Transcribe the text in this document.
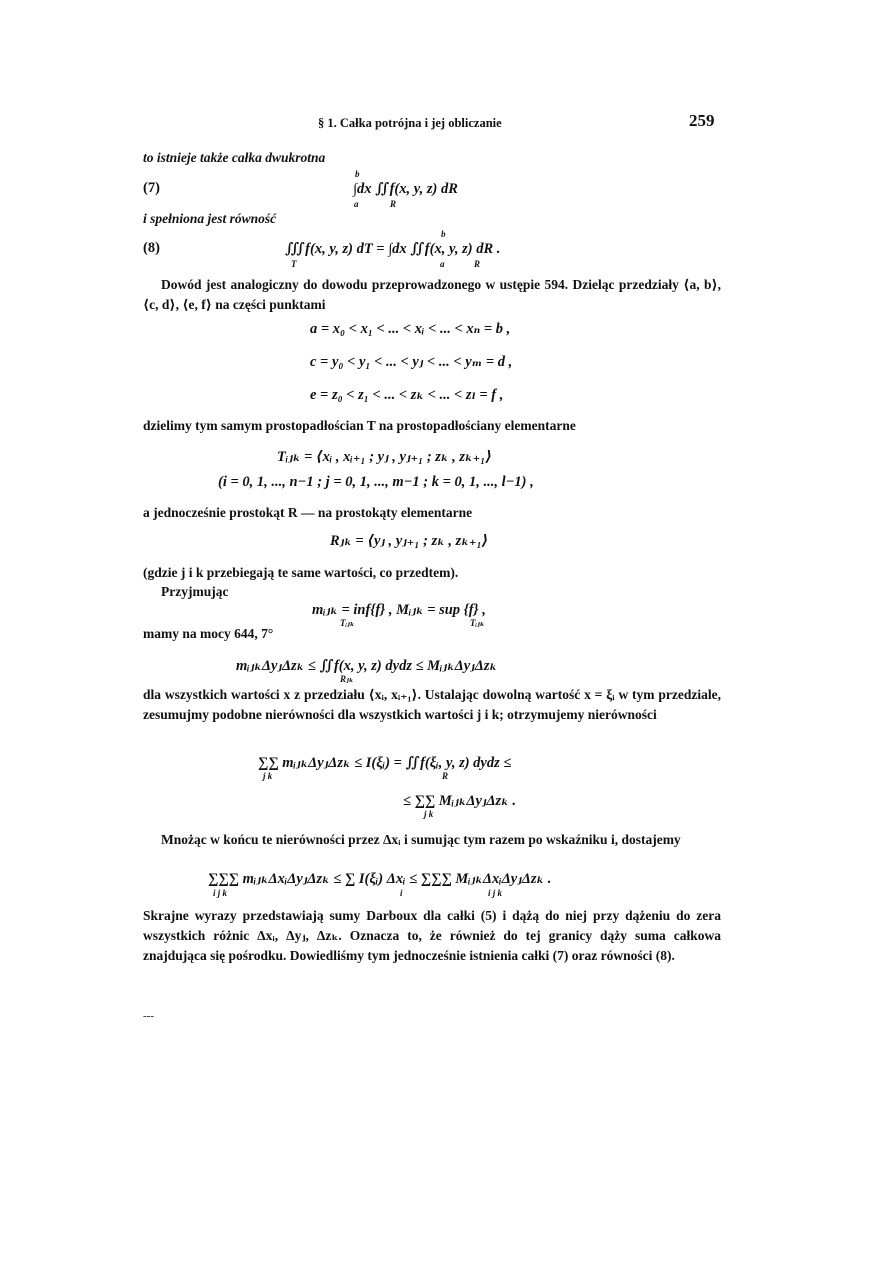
§ 1. Całka potrójna i jej obliczanie	259
to istnieje także całka dwukrotna
(7)
b
∫dx ∬f(x, y, z) dR
a	R
i spełniona jest równość
(8)
b
∭f(x, y, z) dT = ∫dx ∬f(x, y, z) dR .
T	a	R
Dowód jest analogiczny do dowodu przeprowadzonego w ustępie 594. Dzieląc przedziały ⟨a, b⟩, ⟨c, d⟩, ⟨e, f⟩ na części punktami
a = x₀ < x₁ < ... < xᵢ < ... < xₙ = b ,
c = y₀ < y₁ < ... < yⱼ < ... < yₘ = d ,
e = z₀ < z₁ < ... < zₖ < ... < zₗ = f ,
dzielimy tym samym prostopadłościan T na prostopadłościany elementarne
Tᵢⱼₖ = ⟨xᵢ , xᵢ₊₁ ; yⱼ , yⱼ₊₁ ; zₖ , zₖ₊₁⟩
(i = 0, 1, ..., n−1 ; j = 0, 1, ..., m−1 ; k = 0, 1, ..., l−1) ,
a jednocześnie prostokąt R — na prostokąty elementarne
Rⱼₖ = ⟨yⱼ , yⱼ₊₁ ; zₖ , zₖ₊₁⟩
(gdzie j i k przebiegają te same wartości, co przedtem).
Przyjmując
mᵢⱼₖ = inf{f} , Mᵢⱼₖ = sup {f} ,
Tᵢⱼₖ	Tᵢⱼₖ
mamy na mocy 644, 7°
mᵢⱼₖΔyⱼΔzₖ ≤ ∬f(x, y, z) dydz ≤ MᵢⱼₖΔyⱼΔzₖ
Rⱼₖ
dla wszystkich wartości x z przedziału ⟨xᵢ, xᵢ₊₁⟩. Ustalając dowolną wartość x = ξᵢ w tym przedziale, zesumujmy podobne nierówności dla wszystkich wartości j i k; otrzymujemy nierówności
∑∑ mᵢⱼₖΔyⱼΔzₖ ≤ I(ξᵢ) = ∬f(ξᵢ, y, z) dydz ≤
j k	R
≤ ∑∑ MᵢⱼₖΔyⱼΔzₖ .
j k
Mnożąc w końcu te nierówności przez Δxᵢ i sumując tym razem po wskaźniku i, dostajemy
∑∑∑ mᵢⱼₖΔxᵢΔyⱼΔzₖ ≤ ∑ I(ξᵢ) Δxᵢ ≤ ∑∑∑ MᵢⱼₖΔxᵢΔyⱼΔzₖ .
i j k	i	i j k
Skrajne wyrazy przedstawiają sumy Darboux dla całki (5) i dążą do niej przy dążeniu do zera wszystkich różnic Δxᵢ, Δyⱼ, Δzₖ. Oznacza to, że również do tej granicy dąży suma całkowa znajdująca się pośrodku. Dowiedliśmy tym jednocześnie istnienia całki (7) oraz równości (8).
---
